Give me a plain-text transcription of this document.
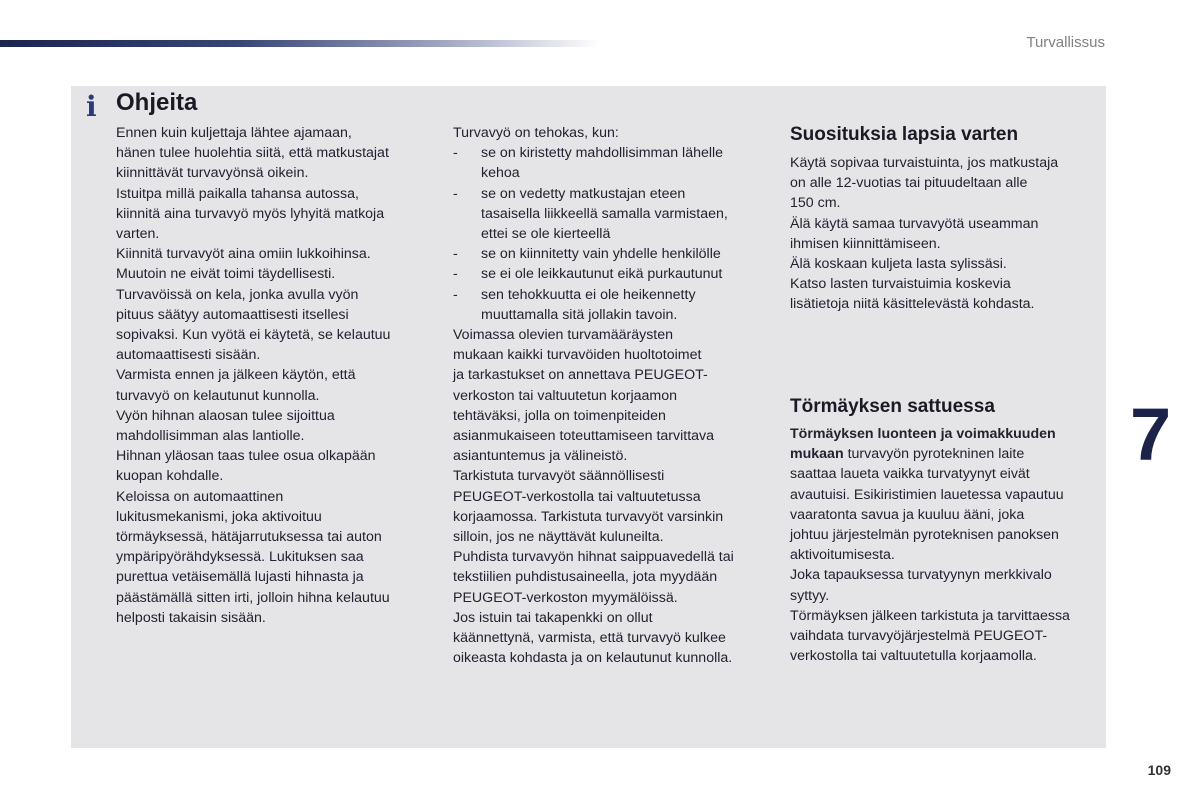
Turvallissus
i Ohjeita

Ennen kuin kuljettaja lähtee ajamaan,

hänen tulee huolehtia siitä, että matkustajat

kiinnittävät turvavyönsä oikein.

Istuitpa millä paikalla tahansa autossa,

kiinnitä aina turvavyö myös lyhyitä matkoja

varten.

Kiinnitä turvavyöt aina omiin lukkoihinsa.

Muutoin ne eivät toimi täydellisesti.

Turvavöissä on kela, jonka avulla vyön

pituus säätyy automaattisesti itsellesi

sopivaksi. Kun vyötä ei käytetä, se kelautuu

automaattisesti sisään.

Varmista ennen ja jälkeen käytön, että

turvavyö on kelautunut kunnolla.

Vyön hihnan alaosan tulee sijoittua

mahdollisimman alas lantiolle.

Hihnan yläosan taas tulee osua olkapään

kuopan kohdalle.

Keloissa on automaattinen

lukitusmekanismi, joka aktivoituu

törmäyksessä, hätäjarrutuksessa tai auton

ympäripyörähdyksessä. Lukituksen saa

purettua vetäisemällä lujasti hihnasta ja

päästämällä sitten irti, jolloin hihna kelautuu

helposti takaisin sisään.

Turvavyö on tehokas, kun:

- se on kiristetty mahdollisimman lähelle

kehoa

- se on vedetty matkustajan eteen

tasaisella liikkeellä samalla varmistaen,

ettei se ole kierteellä

- se on kiinnitetty vain yhdelle henkilölle

- se ei ole leikkautunut eikä purkautunut

- sen tehokkuutta ei ole heikennetty

muuttamalla sitä jollakin tavoin.

Voimassa olevien turvamääräysten

mukaan kaikki turvavöiden huoltotoimet

ja tarkastukset on annettava PEUGEOT-

verkoston tai valtuutetun korjaamon

tehtäväksi, jolla on toimenpiteiden

asianmukaiseen toteuttamiseen tarvittava

asiantuntemus ja välineistö.

Tarkistuta turvavyöt säännöllisesti

PEUGEOT-verkostolla tai valtuutetussa

korjaamossa. Tarkistuta turvavyöt varsinkin

silloin, jos ne näyttävät kuluneilta.

Puhdista turvavyön hihnat saippuavedellä tai

tekstiilien puhdistusaineella, jota myydään

PEUGEOT-verkoston myymälöissä.

Jos istuin tai takapenkki on ollut

käännettynä, varmista, että turvavyö kulkee

oikeasta kohdasta ja on kelautunut kunnolla.

Suosituksia lapsia varten

Käytä sopivaa turvaistuinta, jos matkustaja

on alle 12-vuotias tai pituudeltaan alle

150 cm.

Älä käytä samaa turvavyötä useamman

ihmisen kiinnittämiseen.

Älä koskaan kuljeta lasta sylissäsi.

Katso lasten turvaistuimia koskevia

lisätietoja niitä käsittelevästä kohdasta.

Törmäyksen sattuessa

Törmäyksen luonteen ja voimakkuuden

mukaan turvavyön pyrotekninen laite

saattaa laueta vaikka turvatyynyt eivät

avautuisi. Esikiristimien lauetessa vapautuu

vaaratonta savua ja kuuluu ääni, joka

johtuu järjestelmän pyroteknisen panoksen

aktivoitumisesta.

Joka tapauksessa turvatyynyn merkkivalo

syttyy.

Törmäyksen jälkeen tarkistuta ja tarvittaessa

vaihdata turvavyöjärjestelmä PEUGEOT-

verkostolla tai valtuutetulla korjaamolla.

7
109
